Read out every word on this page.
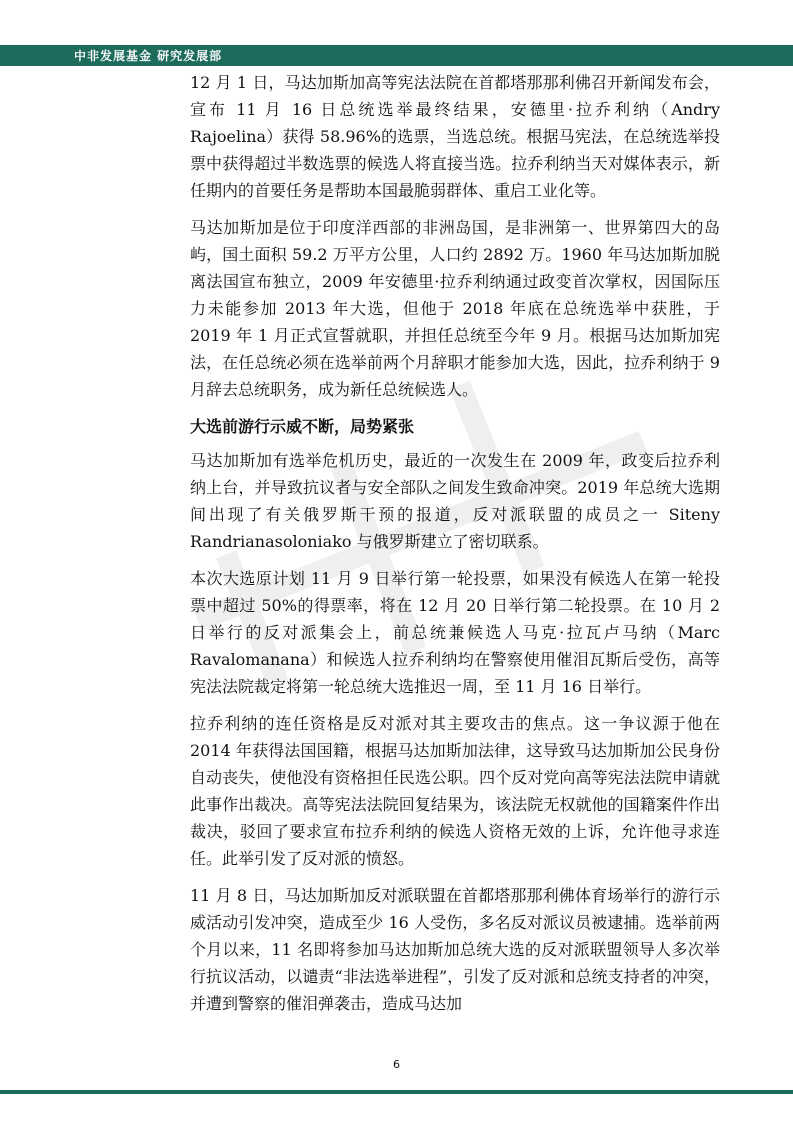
中非发展基金 研究发展部

12 月 1 日，马达加斯加高等宪法法院在首都塔那那利佛召开新闻发布会，宣布 11 月 16 日总统选举最终结果，安德里·拉乔利纳（Andry Rajoelina）获得 58.96%的选票，当选总统。根据马宪法，在总统选举投票中获得超过半数选票的候选人将直接当选。拉乔利纳当天对媒体表示，新任期内的首要任务是帮助本国最脆弱群体、重启工业化等。

马达加斯加是位于印度洋西部的非洲岛国，是非洲第一、世界第四大的岛屿，国土面积 59.2 万平方公里，人口约 2892 万。1960 年马达加斯加脱离法国宣布独立，2009 年安德里·拉乔利纳通过政变首次掌权，因国际压力未能参加 2013 年大选，但他于 2018 年底在总统选举中获胜，于 2019 年 1 月正式宣誓就职，并担任总统至今年 9 月。根据马达加斯加宪法，在任总统必须在选举前两个月辞职才能参加大选，因此，拉乔利纳于 9 月辞去总统职务，成为新任总统候选人。

大选前游行示威不断，局势紧张

马达加斯加有选举危机历史，最近的一次发生在 2009 年，政变后拉乔利纳上台，并导致抗议者与安全部队之间发生致命冲突。2019 年总统大选期间出现了有关俄罗斯干预的报道，反对派联盟的成员之一 Siteny Randrianasoloniako 与俄罗斯建立了密切联系。

本次大选原计划 11 月 9 日举行第一轮投票，如果没有候选人在第一轮投票中超过 50%的得票率，将在 12 月 20 日举行第二轮投票。在 10 月 2 日举行的反对派集会上，前总统兼候选人马克·拉瓦卢马纳（Marc Ravalomanana）和候选人拉乔利纳均在警察使用催泪瓦斯后受伤，高等宪法法院裁定将第一轮总统大选推迟一周，至 11 月 16 日举行。

拉乔利纳的连任资格是反对派对其主要攻击的焦点。这一争议源于他在 2014 年获得法国国籍，根据马达加斯加法律，这导致马达加斯加公民身份自动丧失，使他没有资格担任民选公职。四个反对党向高等宪法法院申请就此事作出裁决。高等宪法法院回复结果为，该法院无权就他的国籍案件作出裁决，驳回了要求宣布拉乔利纳的候选人资格无效的上诉，允许他寻求连任。此举引发了反对派的愤怒。

11 月 8 日，马达加斯加反对派联盟在首都塔那那利佛体育场举行的游行示威活动引发冲突，造成至少 16 人受伤，多名反对派议员被逮捕。选举前两个月以来，11 名即将参加马达加斯加总统大选的反对派联盟领导人多次举行抗议活动，以谴责“非法选举进程”，引发了反对派和总统支持者的冲突，并遭到警察的催泪弹袭击，造成马达加

6
